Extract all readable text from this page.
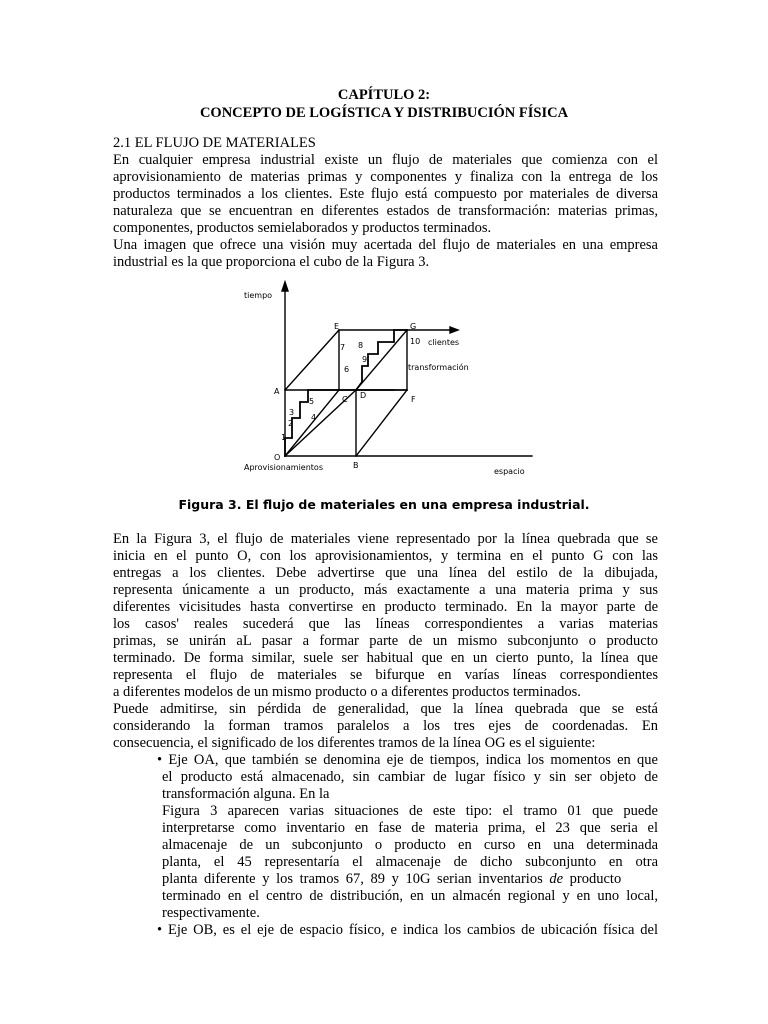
CAPÍTULO 2:
CONCEPTO DE LOGÍSTICA Y DISTRIBUCIÓN FÍSICA
2.1 EL FLUJO DE MATERIALES
En cualquier empresa industrial existe un flujo de materiales que comienza con el
aprovisionamiento de materias primas y componentes y finaliza con la entrega de los
productos terminados a los clientes. Este flujo está compuesto por materiales de diversa
naturaleza que se encuentran en diferentes estados de transformación: materias primas,
componentes, productos semielaborados y productos terminados.
Una imagen que ofrece una visión muy acertada del flujo de materiales en una empresa
industrial es la que proporciona el cubo de la Figura 3.
tiempo
espacio
Aprovisionamientos
clientes
transformación
O
A
B
C D
E
F
G
1
2
3
4
5
6
7 8
9
10
Figura 3. El flujo de materiales en una empresa industrial.
En la Figura 3, el flujo de materiales viene representado por la línea quebrada que se
inicia en el punto O, con los aprovisionamientos, y termina en el punto G con las
entregas a los clientes. Debe advertirse que una línea del estilo de la dibujada,
representa únicamente a un producto, más exactamente a una materia prima y sus
diferentes vicisitudes hasta convertirse en producto terminado. En la mayor parte de
los casos' reales sucederá que las líneas correspondientes a varias materias
primas, se unirán aL pasar a formar parte de un mismo subconjunto o producto
terminado. De forma similar, suele ser habitual que en un cierto punto, la línea que
representa el flujo de materiales se bifurque en varías líneas correspondientes
a diferentes modelos de un mismo producto o a diferentes productos terminados.
Puede admitirse, sin pérdida de generalidad, que la línea quebrada que se está
considerando la forman tramos paralelos a los tres ejes de coordenadas. En
consecuencia, el significado de los diferentes tramos de la línea OG es el siguiente:
• Eje OA, que también se denomina eje de tiempos, indica los momentos en que
el producto está almacenado, sin cambiar de lugar físico y sin ser objeto de
transformación alguna. En la
Figura 3 aparecen varias situaciones de este tipo: el tramo 01 que puede
interpretarse como inventario en fase de materia prima, el 23 que seria el
almacenaje de un subconjunto o producto en curso en una determinada
planta, el 45 representaría el almacenaje de dicho subconjunto en otra
planta diferente y los tramos 67, 89 y 10G serian inventarios de producto
terminado en el centro de distribución, en un almacén regional y en uno local,
respectivamente.
• Eje OB, es el eje de espacio físico, e indica los cambios de ubicación física del
